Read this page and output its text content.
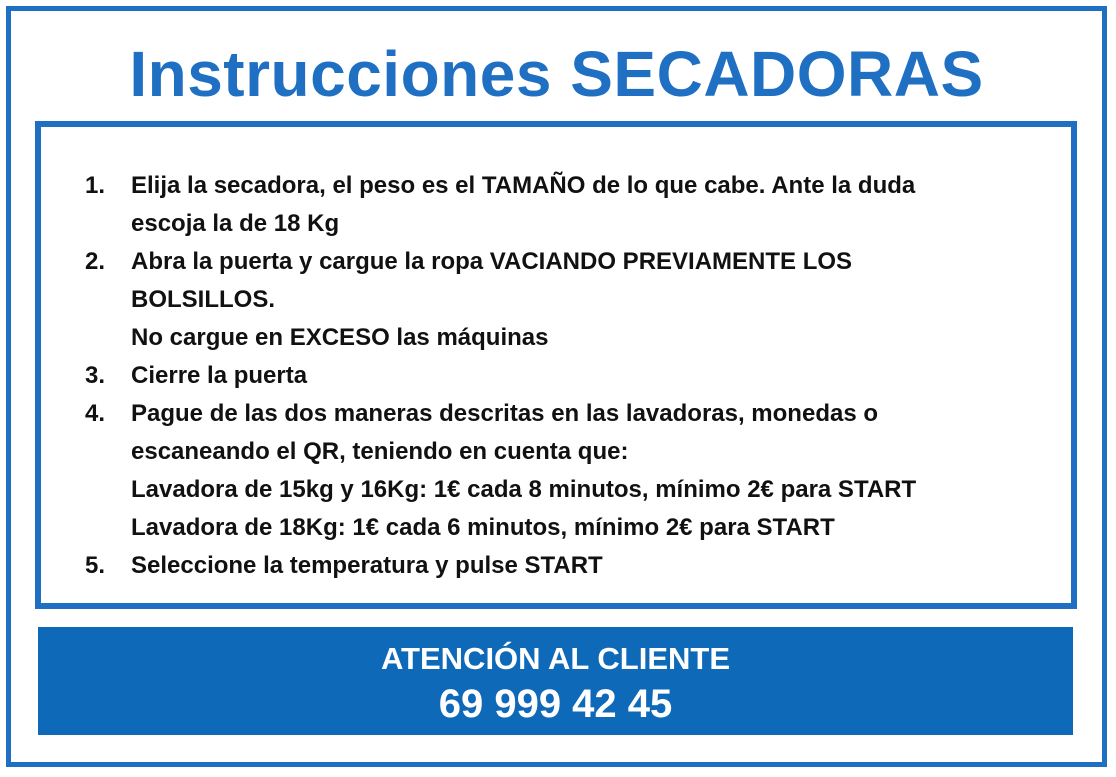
Instrucciones SECADORAS
1.	Elija la secadora, el peso es el TAMAÑO de lo que cabe. Ante la duda
escoja la de 18 Kg
2.	Abra la puerta y cargue la ropa VACIANDO PREVIAMENTE LOS
BOLSILLOS.
No cargue en EXCESO las máquinas
3.	Cierre la puerta
4.	Pague de las dos maneras descritas en las lavadoras, monedas o
escaneando el QR, teniendo en cuenta que:
Lavadora de 15kg y 16Kg: 1€ cada 8 minutos, mínimo 2€ para START
Lavadora de 18Kg: 1€ cada 6 minutos, mínimo 2€ para START
5.	Seleccione la temperatura y pulse START
ATENCIÓN AL CLIENTE
69 999 42 45
